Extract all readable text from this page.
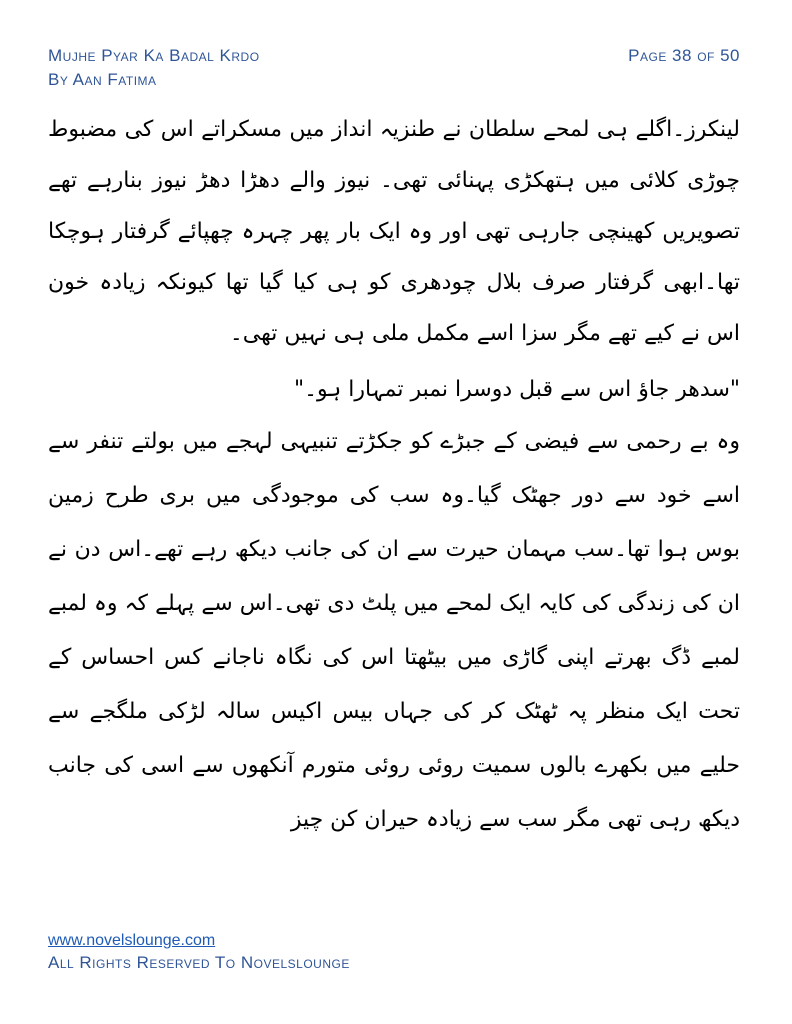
Mujhe Pyar Ka Badal Krdo
By Aan Fatima
Page 38 of 50

لینکرز۔اگلے ہی لمحے سلطان نے طنزیہ انداز میں مسکراتے اس کی مضبوط چوڑی کلائی میں ہتھکڑی پہنائی تھی۔ نیوز والے دھڑا دھڑ نیوز بنارہے تھے تصویریں کھینچی جارہی تھی اور وہ ایک بار پھر چہرہ چھپائے گرفتار ہوچکا تھا۔ابھی گرفتار صرف بلال چودھری کو ہی کیا گیا تھا کیونکہ زیادہ خون اس نے کیے تھے مگر سزا اسے مکمل ملی ہی نہیں تھی۔

"سدھر جاؤ اس سے قبل دوسرا نمبر تمہارا ہو۔"

وہ بے رحمی سے فیضی کے جبڑے کو جکڑتے تنبیہی لہجے میں بولتے تنفر سے اسے خود سے دور جھٹک گیا۔وہ سب کی موجودگی میں بری طرح زمین بوس ہوا تھا۔سب مہمان حیرت سے ان کی جانب دیکھ رہے تھے۔اس دن نے ان کی زندگی کی کایہ ایک لمحے میں پلٹ دی تھی۔اس سے پہلے کہ وہ لمبے لمبے ڈگ بھرتے اپنی گاڑی میں بیٹھتا اس کی نگاہ ناجانے کس احساس کے تحت ایک منظر پہ ٹھٹک کر کی جہاں بیس اکیس سالہ لڑکی ملگجے سے حلیے میں بکھرے بالوں سمیت روئی روئی متورم آنکھوں سے اسی کی جانب دیکھ رہی تھی مگر سب سے زیادہ حیران کن چیز

www.novelslounge.com
All Rights Reserved To Novelslounge
